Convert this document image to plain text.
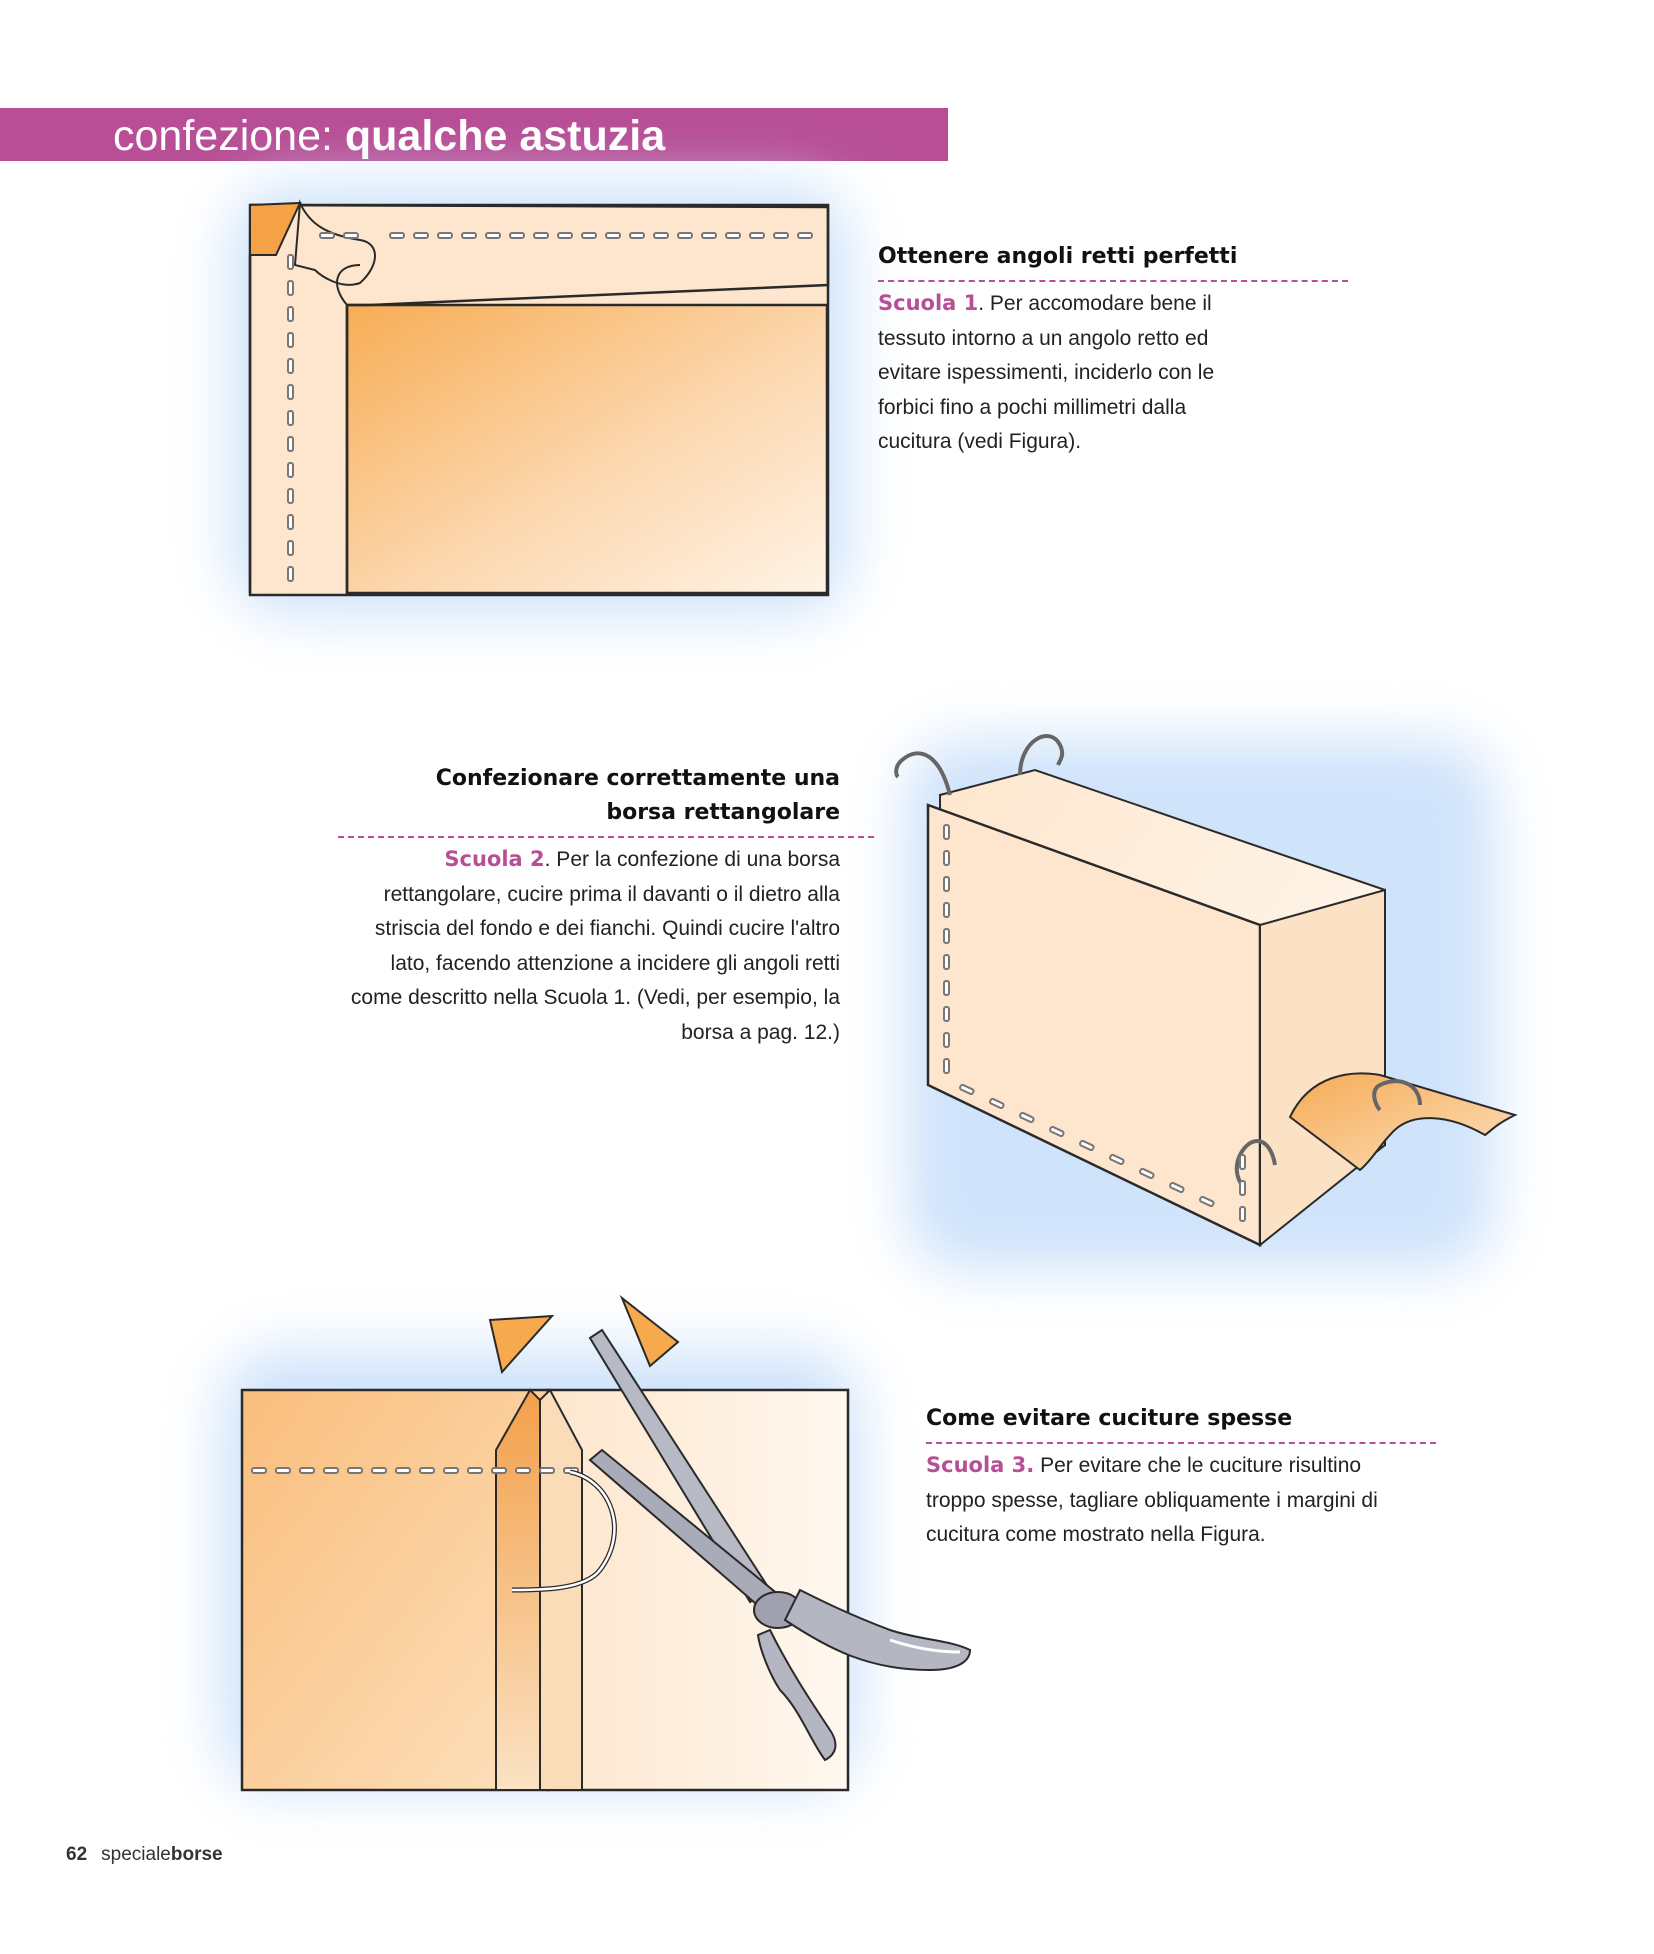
confezione: qualche astuzia
Ottenere angoli retti perfetti
Scuola 1. Per accomodare bene il tessuto intorno a un angolo retto ed evitare ispessimenti, inciderlo con le forbici fino a pochi millimetri dalla cucitura (vedi Figura).
Confezionare correttamente una borsa rettangolare
Scuola 2. Per la confezione di una borsa rettangolare, cucire prima il davanti o il dietro alla striscia del fondo e dei fianchi. Quindi cucire l'altro lato, facendo attenzione a incidere gli angoli retti come descritto nella Scuola 1. (Vedi, per esempio, la borsa a pag. 12.)
Come evitare cuciture spesse
Scuola 3. Per evitare che le cuciture risultino troppo spesse, tagliare obliquamente i margini di cucitura come mostrato nella Figura.
62 specialeborse
